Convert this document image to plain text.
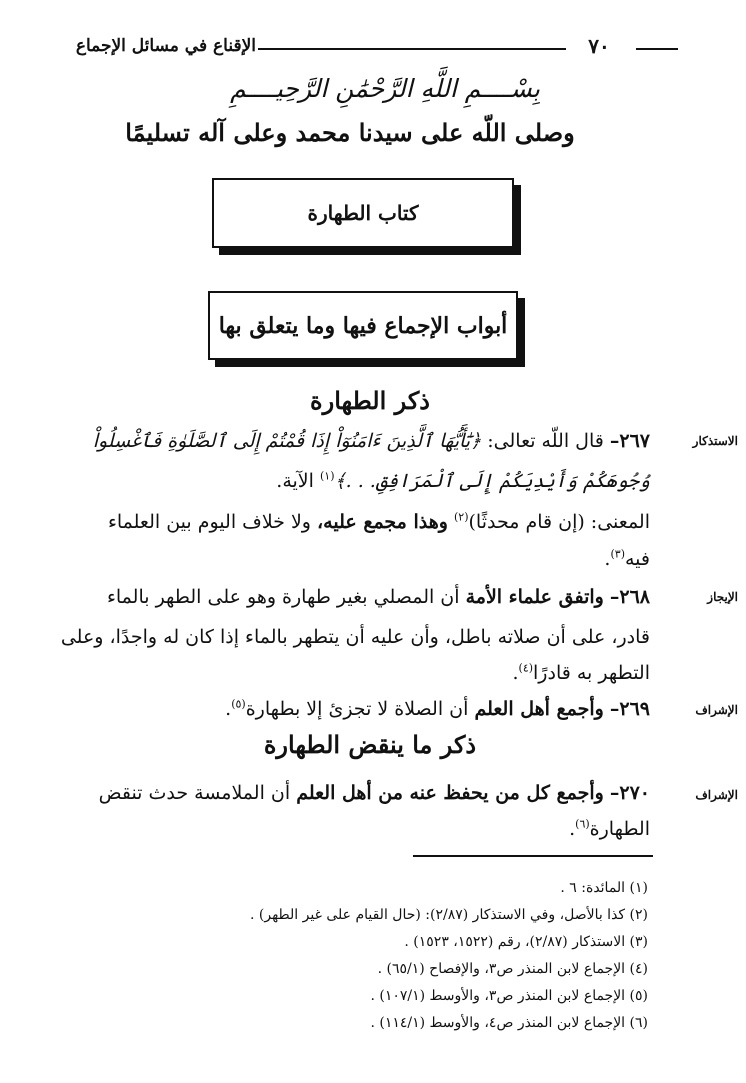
٧٠
الإقناع في مسائل الإجماع
بِسْــــمِ اللَّهِ الرَّحْمَٰنِ الرَّحِيــــمِ
وصلى اللّه على سيدنا محمد وعلى آله تسليمًا
كتاب الطهارة
أبواب الإجماع فيها وما يتعلق بها
ذكر الطهارة
الاستذكار
٢٦٧– قال اللّه تعالى: ﴿يَٰٓأَيُّهَا ٱلَّذِينَ ءَامَنُوٓاْ إِذَا قُمْتُمْ إِلَى ٱلصَّلَوٰةِ فَٱغْسِلُواْ
وُجُوهَكُمْ وَأَيْدِيَكُمْ إِلَى ٱلْمَرَافِقِ. . .﴾$^{(١)}$ الآية.
المعنى: (إن قام محدثًا)$^{(٢)}$ وهذا مجمع عليه، ولا خلاف اليوم بين العلماء
فيه$^{(٣)}$.
الإيجاز
٢٦٨– واتفق علماء الأمة أن المصلي بغير طهارة وهو على الطهر بالماء
قادر، على أن صلاته باطل، وأن عليه أن يتطهر بالماء إذا كان له واجدًا، وعلى
التطهر به قادرًا$^{(٤)}$.
الإشراف
٢٦٩– وأجمع أهل العلم أن الصلاة لا تجزئ إلا بطهارة$^{(٥)}$.
ذكر ما ينقض الطهارة
الإشراف
٢٧٠– وأجمع كل من يحفظ عنه من أهل العلم أن الملامسة حدث تنقض
الطهارة$^{(٦)}$.
(١) المائدة: ٦ .
(٢) كذا بالأصل، وفي الاستذكار (٢/٨٧): (حال القيام على غير الطهر) .
(٣) الاستذكار (٢/٨٧)، رقم (١٥٢٢، ١٥٢٣) .
(٤) الإجماع لابن المنذر ص٣، والإفصاح (٦٥/١) .
(٥) الإجماع لابن المنذر ص٣، والأوسط (١٠٧/١) .
(٦) الإجماع لابن المنذر ص٤، والأوسط (١١٤/١) .
